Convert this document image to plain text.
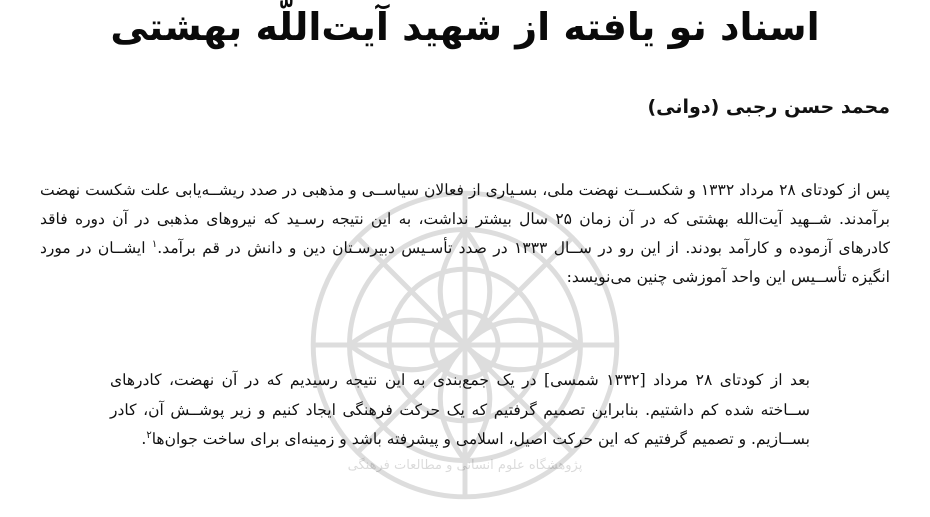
پژوهشگاه علوم انسانی و مطالعات فرهنگی
اسناد نو یافته از شهید آیت‌اللّه بهشتی
محمد حسن رجبی (دوانی)

پس از کودتای ۲۸ مرداد ۱۳۳۲ و شکســت نهضت ملی، بسـیاری از فعالان سیاســی و مذهبی در صدد ریشــه‌یابی علت شکست نهضت برآمدند. شــهید آیت‌الله بهشتی که در آن زمان ۲۵ سال بیشتر نداشت، به این نتیجه رسـید که نیروهای مذهبی در آن دوره فاقد کادرهای آزموده و کارآمد بودند. از این رو در ســال ۱۳۳۳ در صدد تأسـیس دبیرسـتان دین و دانش در قم برآمد.$^۱$ ایشــان در مورد انگیزه تأســیس این واحد آموزشی چنین می‌نویسد:

بعد از کودتای ۲۸ مرداد [۱۳۳۲ شمسی] در یک جمع‌بندی به این نتیجه رسیدیم که در آن نهضت، کادرهای ســاخته شده کم داشتیم. بنابراین تصمیم گرفتیم که یک حرکت فرهنگی ایجاد کنیم و زیر پوشــش آن، کادر بســازیم. و تصمیم گرفتیم که این حرکت اصیل، اسلامی و پیشرفته باشد و زمینه‌ای برای ساخت جوان‌ها$^۲$.
